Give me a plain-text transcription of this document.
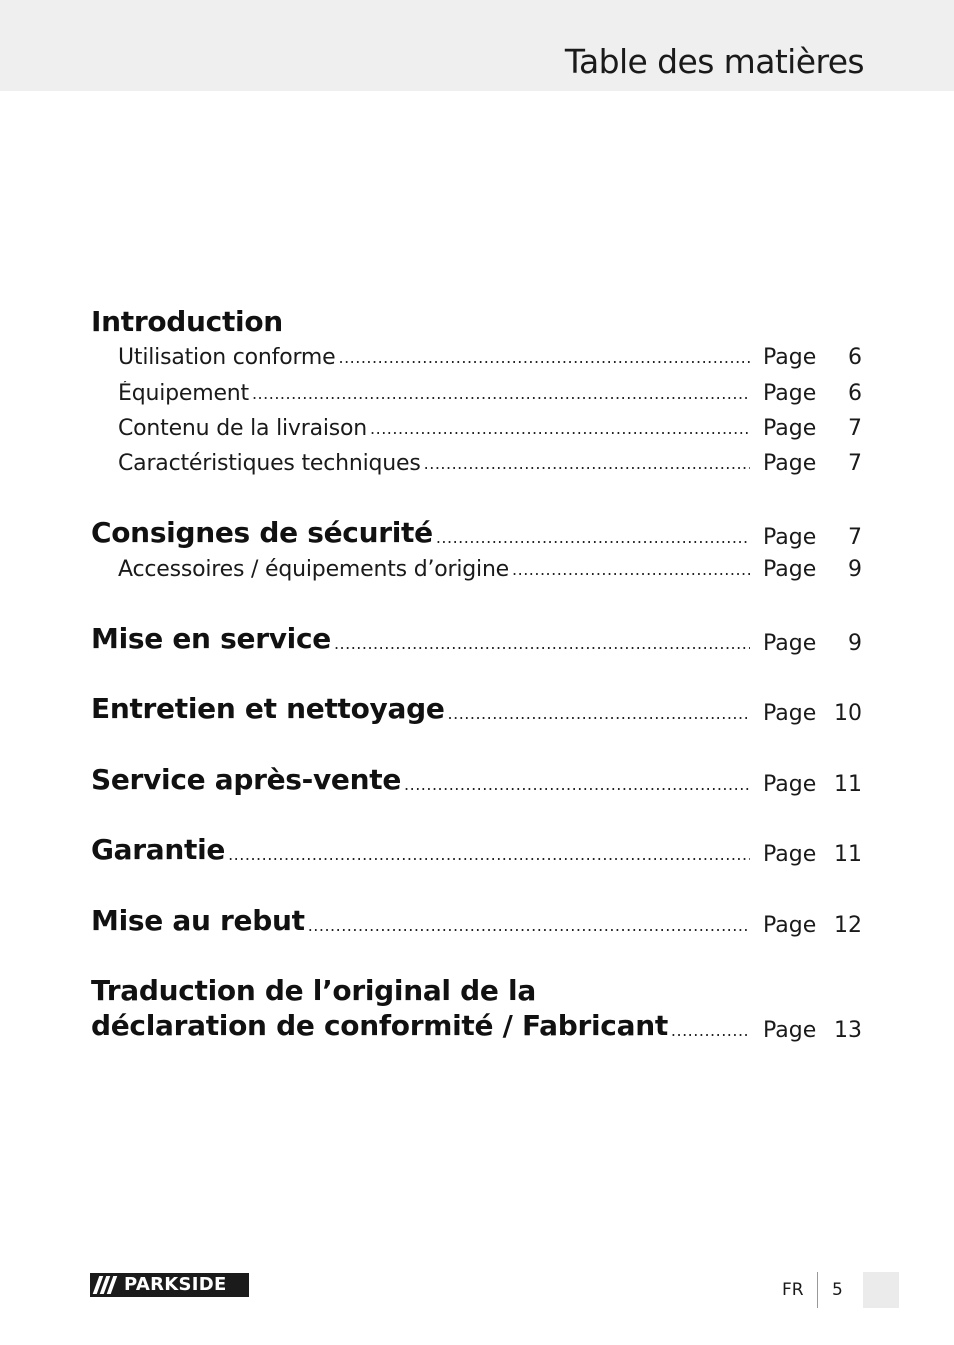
Table des matières
Introduction
Utilisation conforme .....	Page	6
Équipement .....	Page	6
Contenu de la livraison .....	Page	7
Caractéristiques techniques .....	Page	7
Consignes de sécurité .....	Page	7
Accessoires / équipements d’origine .....	Page	9
Mise en service .....	Page	9
Entretien et nettoyage .....	Page 10
Service après-vente .....	Page 11
Garantie .....	Page 11
Mise au rebut .....	Page 12
Traduction de l’original de la
déclaration de conformité / Fabricant .....	Page 13
PARKSIDE	FR 5
